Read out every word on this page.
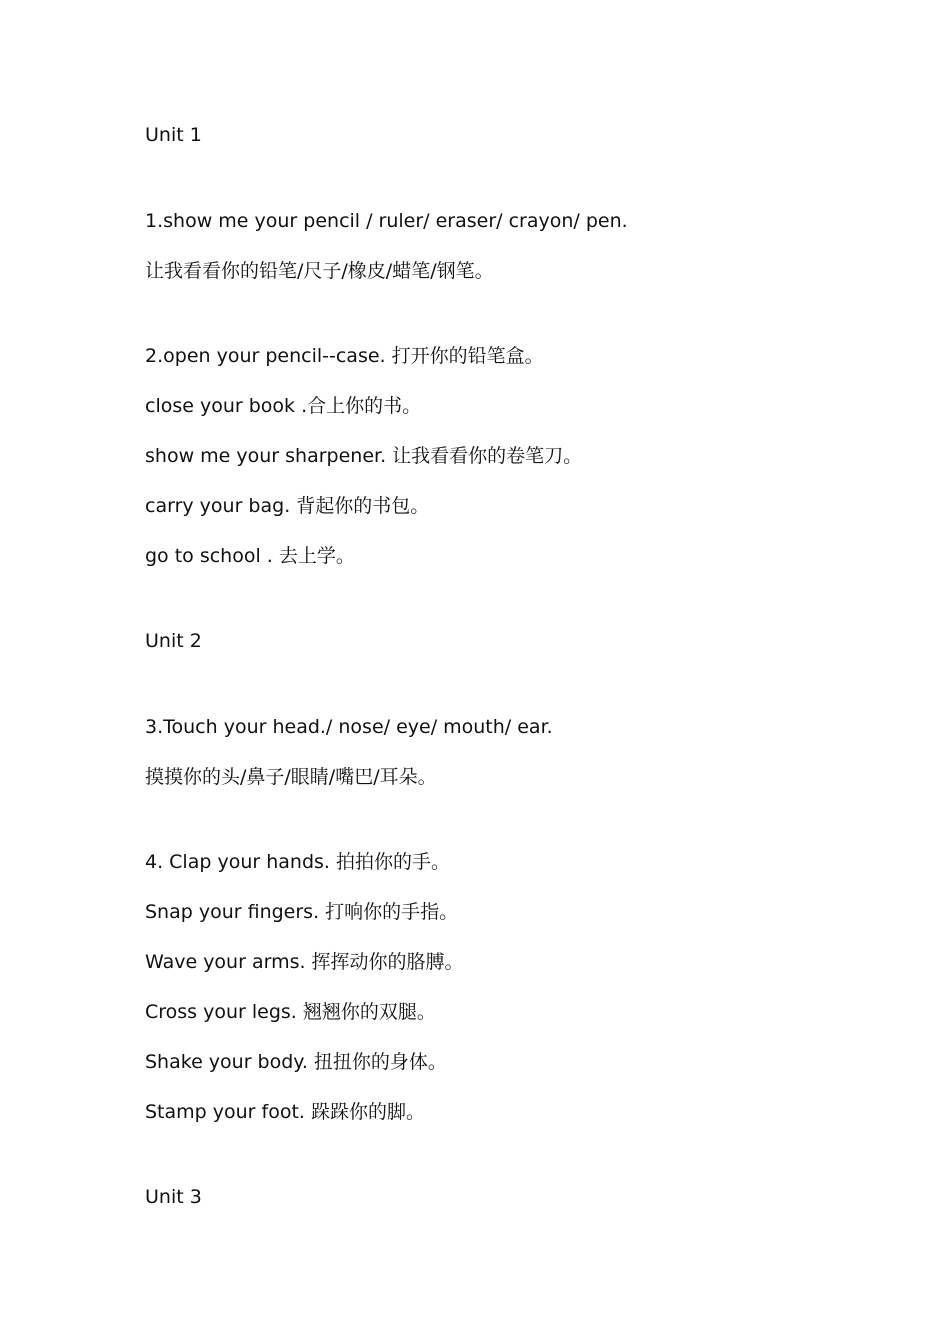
Unit 1
1.show me your pencil / ruler/ eraser/ crayon/ pen.
让我看看你的铅笔/尺子/橡皮/蜡笔/钢笔。
2.open your pencil--case. 打开你的铅笔盒。
close your book .合上你的书。
show me your sharpener. 让我看看你的卷笔刀。
carry your bag. 背起你的书包。
go to school . 去上学。
Unit 2
3.Touch your head./ nose/ eye/ mouth/ ear.
摸摸你的头/鼻子/眼睛/嘴巴/耳朵。
4. Clap your hands. 拍拍你的手。
Snap your fingers. 打响你的手指。
Wave your arms. 挥挥动你的胳膊。
Cross your legs. 翘翘你的双腿。
Shake your body. 扭扭你的身体。
Stamp your foot. 跺跺你的脚。
Unit 3
